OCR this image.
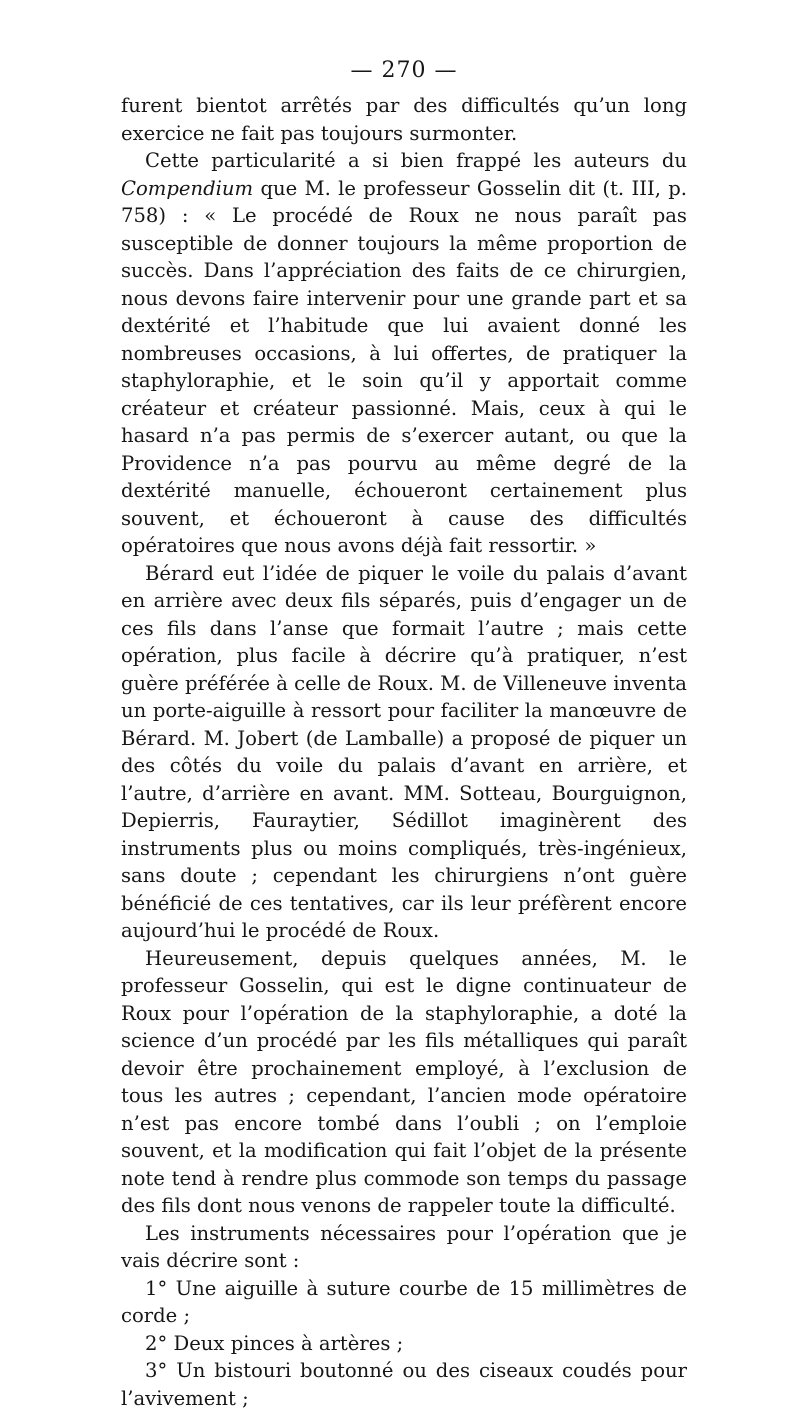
— 270 —

furent bientot arrêtés par des difficultés qu’un long exercice ne fait pas toujours surmonter.

Cette particularité a si bien frappé les auteurs du Compendium que M. le professeur Gosselin dit (t. III, p. 758) : « Le procédé de Roux ne nous paraît pas susceptible de donner toujours la même proportion de succès. Dans l’appréciation des faits de ce chirurgien, nous devons faire intervenir pour une grande part et sa dextérité et l’habitude que lui avaient donné les nombreuses occasions, à lui offertes, de pratiquer la staphyloraphie, et le soin qu’il y apportait comme créateur et créateur passionné. Mais, ceux à qui le hasard n’a pas permis de s’exercer autant, ou que la Providence n’a pas pourvu au même degré de la dextérité manuelle, échoueront certainement plus souvent, et échoueront à cause des difficultés opératoires que nous avons déjà fait ressortir. »

Bérard eut l’idée de piquer le voile du palais d’avant en arrière avec deux fils séparés, puis d’engager un de ces fils dans l’anse que formait l’autre ; mais cette opération, plus facile à décrire qu’à pratiquer, n’est guère préférée à celle de Roux. M. de Villeneuve inventa un porte-aiguille à ressort pour faciliter la manœuvre de Bérard. M. Jobert (de Lamballe) a proposé de piquer un des côtés du voile du palais d’avant en arrière, et l’autre, d’arrière en avant. MM. Sotteau, Bourguignon, Depierris, Fauraytier, Sédillot imaginèrent des instruments plus ou moins compliqués, très-ingénieux, sans doute ; cependant les chirurgiens n’ont guère bénéficié de ces tentatives, car ils leur préfèrent encore aujourd’hui le procédé de Roux.

Heureusement, depuis quelques années, M. le professeur Gosselin, qui est le digne continuateur de Roux pour l’opération de la staphyloraphie, a doté la science d’un procédé par les fils métalliques qui paraît devoir être prochainement employé, à l’exclusion de tous les autres ; cependant, l’ancien mode opératoire n’est pas encore tombé dans l’oubli ; on l’emploie souvent, et la modification qui fait l’objet de la présente note tend à rendre plus commode son temps du passage des fils dont nous venons de rappeler toute la difficulté.

Les instruments nécessaires pour l’opération que je vais décrire sont :

1° Une aiguille à suture courbe de 15 millimètres de corde ;

2° Deux pinces à artères ;

3° Un bistouri boutonné ou des ciseaux coudés pour l’avivement ;
